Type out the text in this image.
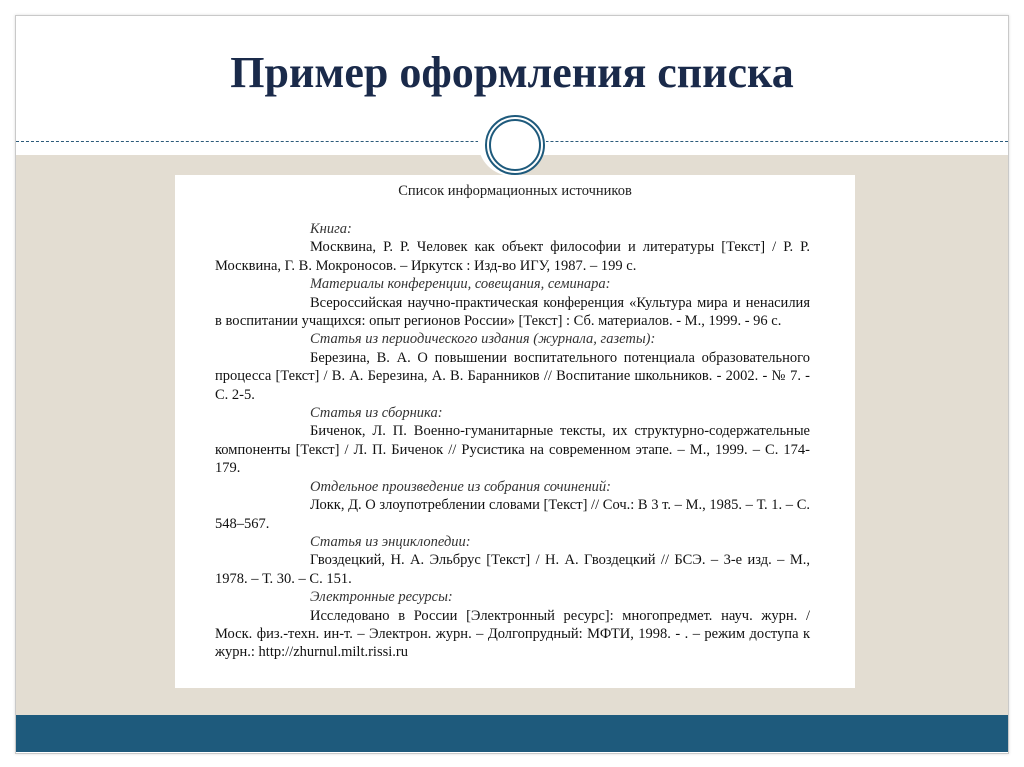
Пример оформления списка
Список информационных источников

Книга:

Москвина, Р. Р. Человек как объект философии и литературы [Текст] / Р. Р. Москвина, Г. В. Мокроносов. – Иркутск : Изд-во ИГУ, 1987. – 199 с.

Материалы конференции, совещания, семинара:

Всероссийская научно-практическая конференция «Культура мира и ненасилия в воспитании учащихся: опыт регионов России» [Текст] : Сб. материалов. - М., 1999. - 96 с.

Статья из периодического издания (журнала, газеты):

Березина, В. А. О повышении воспитательного потенциала образовательного процесса [Текст] / В. А. Березина, А. В. Баранников // Воспитание школьников. - 2002. - № 7. - С. 2-5.

Статья из сборника:

Биченок, Л. П. Военно-гуманитарные тексты, их структурно-содержательные компоненты [Текст] / Л. П. Биченок // Русистика на современном этапе. – М., 1999. – С. 174-179.

Отдельное произведение из собрания сочинений:

Локк, Д. О злоупотреблении словами [Текст] // Соч.: В 3 т. – М., 1985. – Т. 1. – С. 548–567.

Статья из энциклопедии:

Гвоздецкий, Н. А. Эльбрус [Текст] / Н. А. Гвоздецкий // БСЭ. – 3-е изд. – М., 1978. – Т. 30. – С. 151.

Электронные ресурсы:

Исследовано в России [Электронный ресурс]: многопредмет. науч. журн. / Моск. физ.-техн. ин-т. – Электрон. журн. – Долгопрудный: МФТИ, 1998. - . – режим доступа к журн.: http://zhurnul.milt.rissi.ru
